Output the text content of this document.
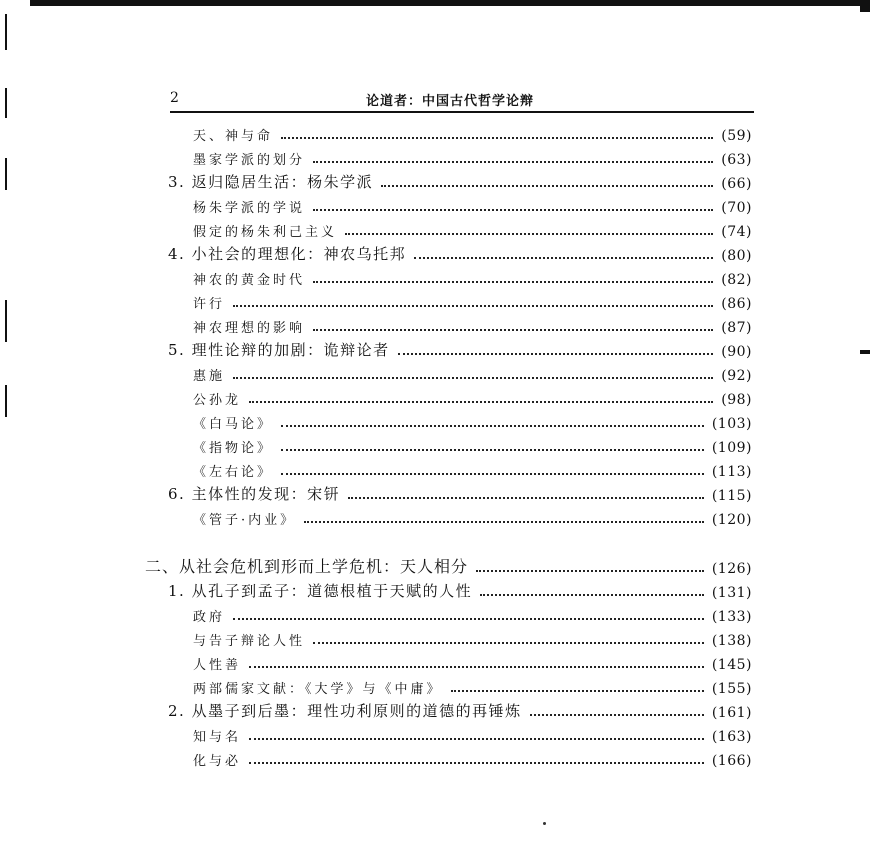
2	论道者：中国古代哲学论辩
天、神与命	(59)
墨家学派的划分	(63)
3. 返归隐居生活：杨朱学派	(66)
杨朱学派的学说	(70)
假定的杨朱利己主义	(74)
4. 小社会的理想化：神农乌托邦	(80)
神农的黄金时代	(82)
许行	(86)
神农理想的影响	(87)
5. 理性论辩的加剧：诡辩论者	(90)
惠施	(92)
公孙龙	(98)
《白马论》	(103)
《指物论》	(109)
《左右论》	(113)
6. 主体性的发现：宋钘	(115)
《管子·内业》	(120)
二、从社会危机到形而上学危机：天人相分	(126)
1. 从孔子到孟子：道德根植于天赋的人性	(131)
政府	(133)
与告子辩论人性	(138)
人性善	(145)
两部儒家文献：《大学》与《中庸》	(155)
2. 从墨子到后墨：理性功利原则的道德的再锤炼	(161)
知与名	(163)
化与必	(166)
